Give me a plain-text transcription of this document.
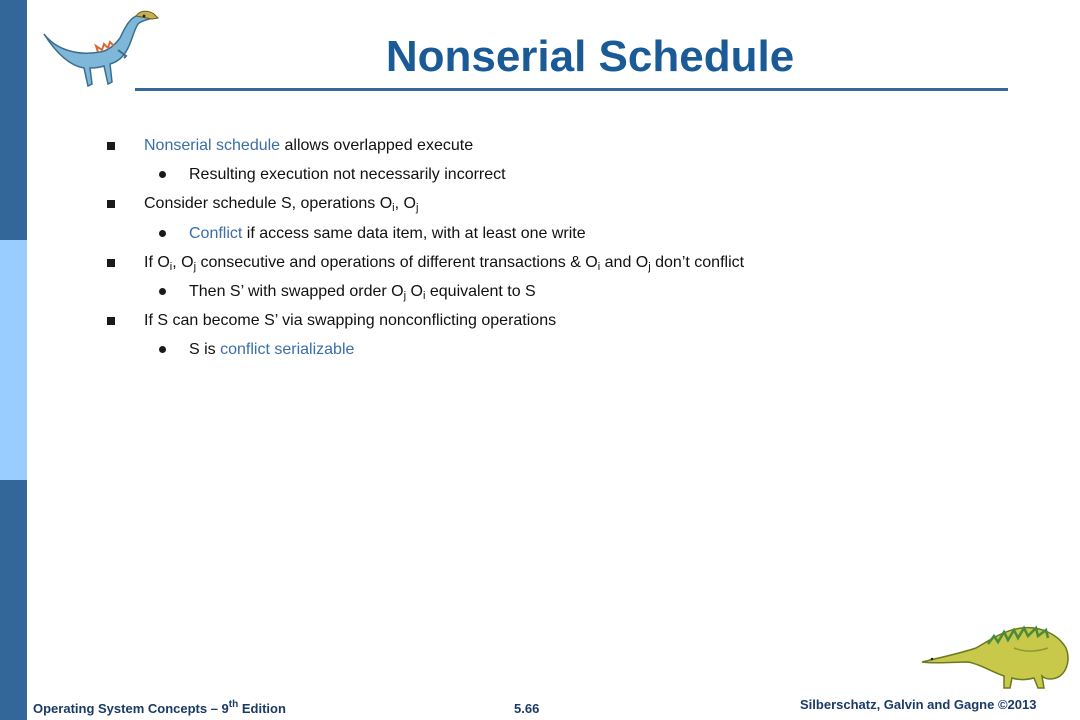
Nonserial Schedule
Nonserial schedule allows overlapped execute
Resulting execution not necessarily incorrect
Consider schedule S, operations $O_i$, $O_j$
Conflict if access same data item, with at least one write
If $O_i$, $O_j$ consecutive and operations of different transactions & $O_i$ and $O_j$ don’t conflict
Then S’ with swapped order $O_j$ $O_i$ equivalent to S
If S can become S’ via swapping nonconflicting operations
S is conflict serializable
Operating System Concepts – 9th Edition	5.66	Silberschatz, Galvin and Gagne ©2013
